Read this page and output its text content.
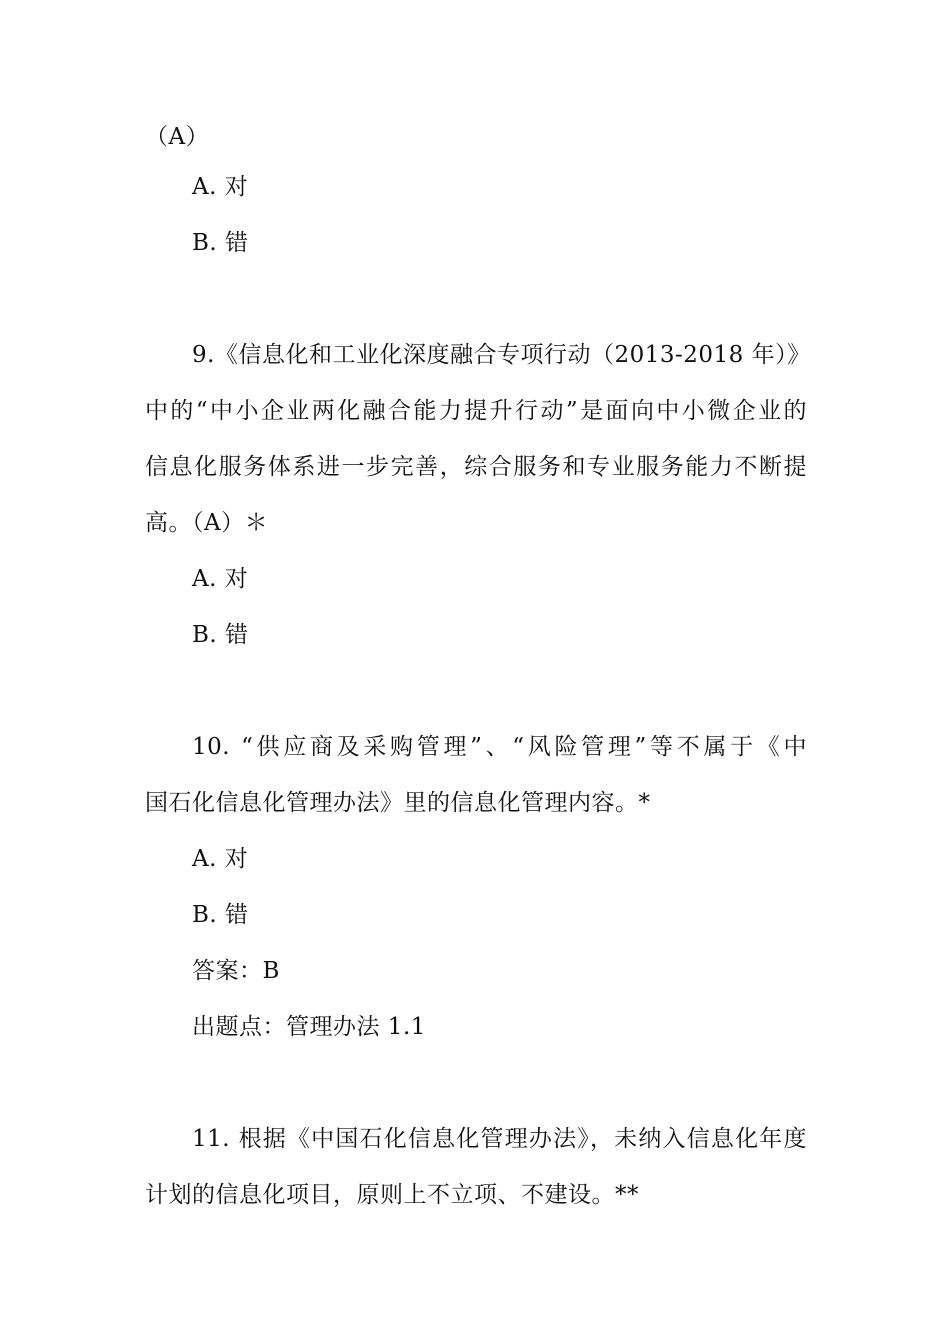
（A）
A. 对
B. 错
9.《信息化和工业化深度融合专项行动（2013-2018 年）》
中的“中小企业两化融合能力提升行动”是面向中小微企业的
信息化服务体系进一步完善，综合服务和专业服务能力不断提
高。（A）＊
A. 对
B. 错
10. “供应商及采购管理”、“风险管理”等不属于《中
国石化信息化管理办法》里的信息化管理内容。*
A. 对
B. 错
答案：B
出题点：管理办法 1.1
11. 根据《中国石化信息化管理办法》，未纳入信息化年度
计划的信息化项目，原则上不立项、不建设。**
